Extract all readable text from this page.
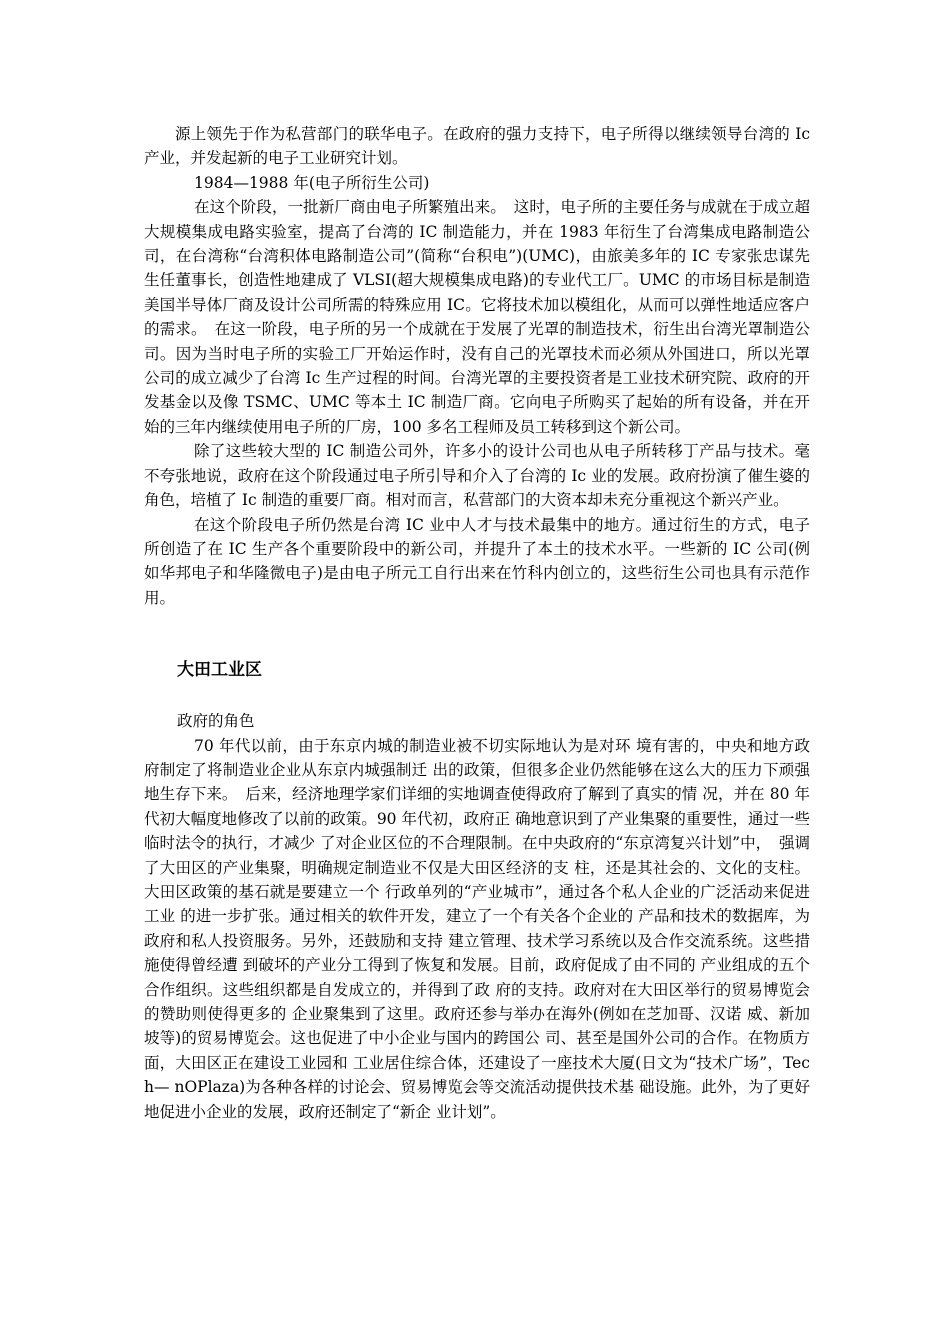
源上领先于作为私营部门的联华电子。在政府的强力支持下，电子所得以继续领导台湾的 Ic 产业，并发起新的电子工业研究计划。

1984—1988 年(电子所衍生公司)

在这个阶段，一批新厂商由电子所繁殖出来。　这时，电子所的主要任务与成就在于成立超大规模集成电路实验室，提高了台湾的 IC 制造能力，并在 1983 年衍生了台湾集成电路制造公司，在台湾称“台湾积体电路制造公司”(简称“台积电”)(UMC)，由旅美多年的 IC 专家张忠谋先生任董事长，创造性地建成了 VLSI(超大规模集成电路)的专业代工厂。UMC 的市场目标是制造美国半导体厂商及设计公司所需的特殊应用 IC。它将技术加以模组化，从而可以弹性地适应客户的需求。　在这一阶段，电子所的另一个成就在于发展了光罩的制造技术，衍生出台湾光罩制造公司。因为当时电子所的实验工厂开始运作时，没有自己的光罩技术而必须从外国进口，所以光罩公司的成立减少了台湾 Ic 生产过程的时间。台湾光罩的主要投资者是工业技术研究院、政府的开发基金以及像 TSMC、UMC 等本土 IC 制造厂商。它向电子所购买了起始的所有设备，并在开始的三年内继续使用电子所的厂房，100 多名工程师及员工转移到这个新公司。

除了这些较大型的 IC 制造公司外，许多小的设计公司也从电子所转移丁产品与技术。毫不夸张地说，政府在这个阶段通过电子所引导和介入了台湾的 Ic 业的发展。政府扮演了催生婆的角色，培植了 Ic 制造的重要厂商。相对而言，私营部门的大资本却未充分重视这个新兴产业。

在这个阶段电子所仍然是台湾 IC 业中人才与技术最集中的地方。通过衍生的方式，电子所创造了在 IC 生产各个重要阶段中的新公司，并提升了本土的技术水平。一些新的 IC 公司(例如华邦电子和华隆微电子)是由电子所元工自行出来在竹科内创立的，这些衍生公司也具有示范作用。

大田工业区

政府的角色

70 年代以前，由于东京内城的制造业被不切实际地认为是对环 境有害的，中央和地方政府制定了将制造业企业从东京内城强制迁 出的政策，但很多企业仍然能够在这么大的压力下顽强地生存下来。　后来，经济地理学家们详细的实地调查使得政府了解到了真实的情 况，并在 80 年代初大幅度地修改了以前的政策。90 年代初，政府正 确地意识到了产业集聚的重要性，通过一些临时法令的执行，才减少 了对企业区位的不合理限制。在中央政府的“东京湾复兴计划”中，　强调了大田区的产业集聚，明确规定制造业不仅是大田区经济的支 柱，还是其社会的、文化的支柱。大田区政策的基石就是要建立一个 行政单列的“产业城市”，通过各个私人企业的广泛活动来促进工业 的进一步扩张。通过相关的软件开发，建立了一个有关各个企业的 产品和技术的数据库，为政府和私人投资服务。另外，还鼓励和支持 建立管理、技术学习系统以及合作交流系统。这些措施使得曾经遭 到破坏的产业分工得到了恢复和发展。目前，政府促成了由不同的 产业组成的五个合作组织。这些组织都是自发成立的，并得到了政 府的支持。政府对在大田区举行的贸易博览会的赞助则使得更多的 企业聚集到了这里。政府还参与举办在海外(例如在芝加哥、汉诺 威、新加坡等)的贸易博览会。这也促进了中小企业与国内的跨国公 司、甚至是国外公司的合作。在物质方面，大田区正在建设工业园和 工业居住综合体，还建设了一座技术大厦(日文为“技术广场”，Tech— nOPlaza)为各种各样的讨论会、贸易博览会等交流活动提供技术基 础设施。此外，为了更好地促进小企业的发展，政府还制定了“新企 业计划”。
